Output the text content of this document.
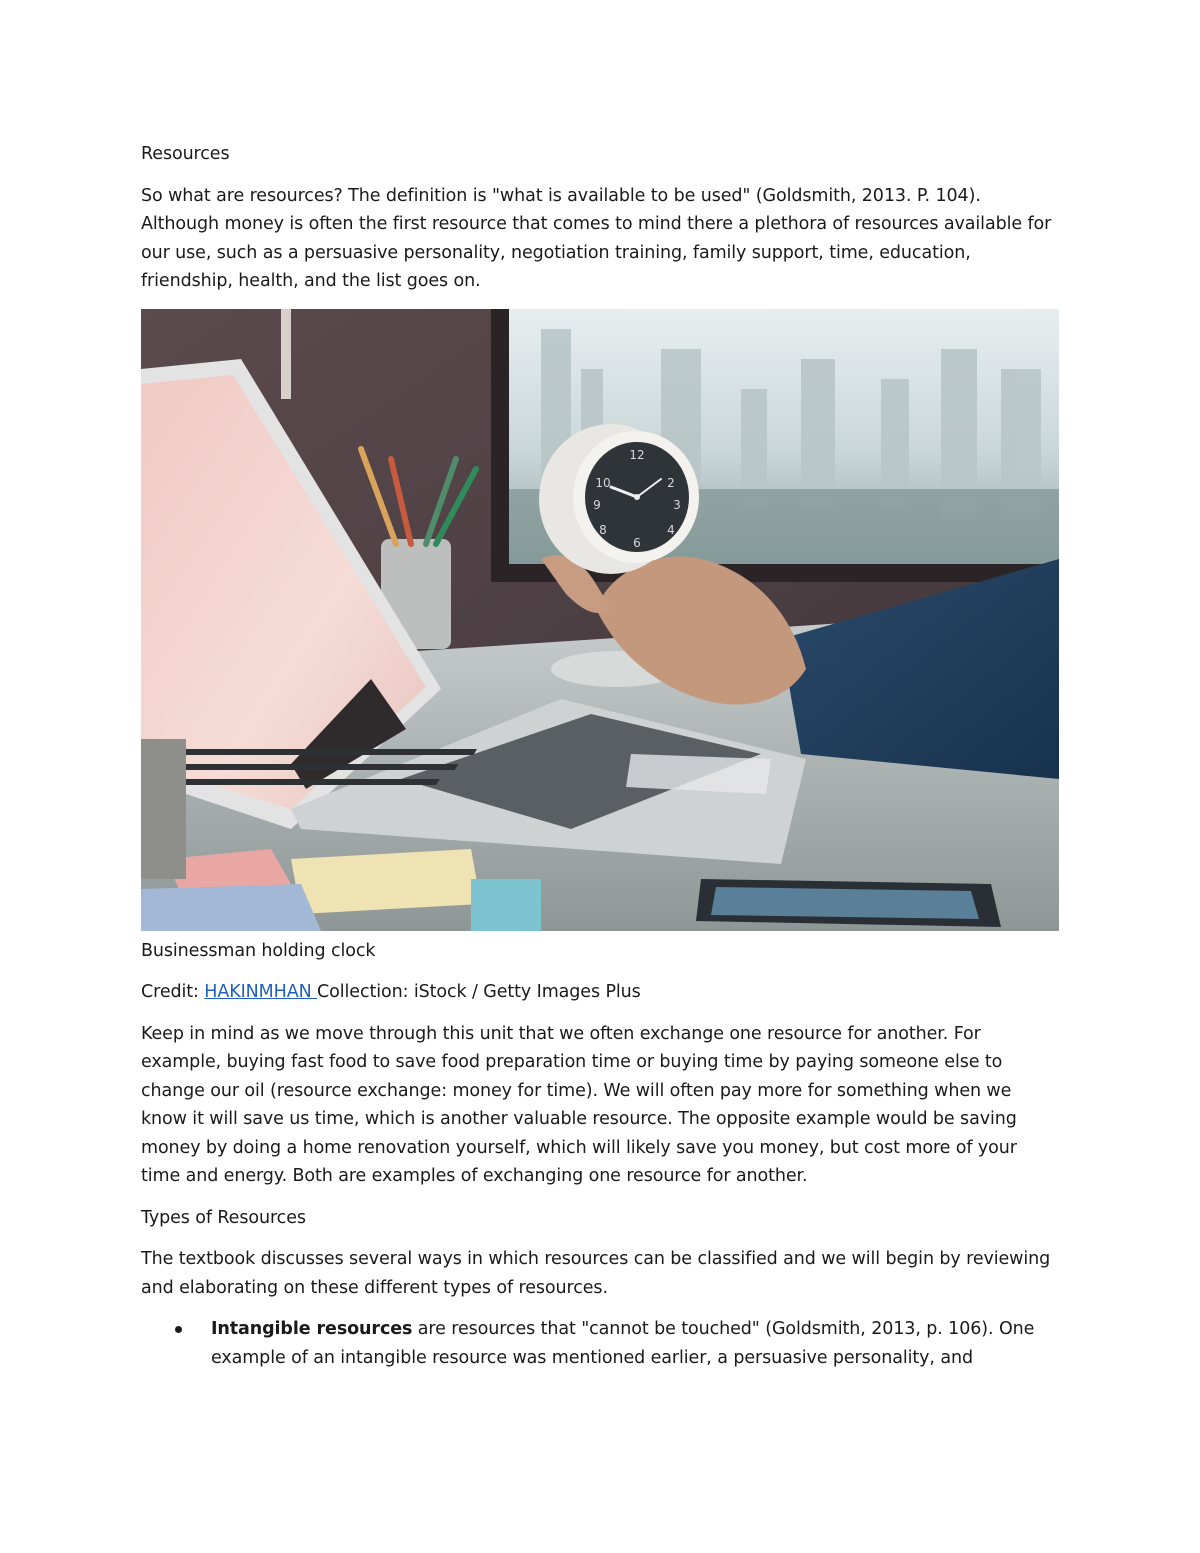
Resources

So what are resources? The definition is "what is available to be used" (Goldsmith, 2013. P. 104). Although money is often the first resource that comes to mind there a plethora of resources available for our use, such as a persuasive personality, negotiation training, family support, time, education, friendship, health, and the list goes on.

12
2
3
4
6
8
9
10

Businessman holding clock

Credit: HAKINMHAN Collection: iStock / Getty Images Plus

Keep in mind as we move through this unit that we often exchange one resource for another. For example, buying fast food to save food preparation time or buying time by paying someone else to change our oil (resource exchange: money for time). We will often pay more for something when we know it will save us time, which is another valuable resource. The opposite example would be saving money by doing a home renovation yourself, which will likely save you money, but cost more of your time and energy. Both are examples of exchanging one resource for another.

Types of Resources

The textbook discusses several ways in which resources can be classified and we will begin by reviewing and elaborating on these different types of resources.

Intangible resources are resources that "cannot be touched" (Goldsmith, 2013, p. 106). One example of an intangible resource was mentioned earlier, a persuasive personality, and
